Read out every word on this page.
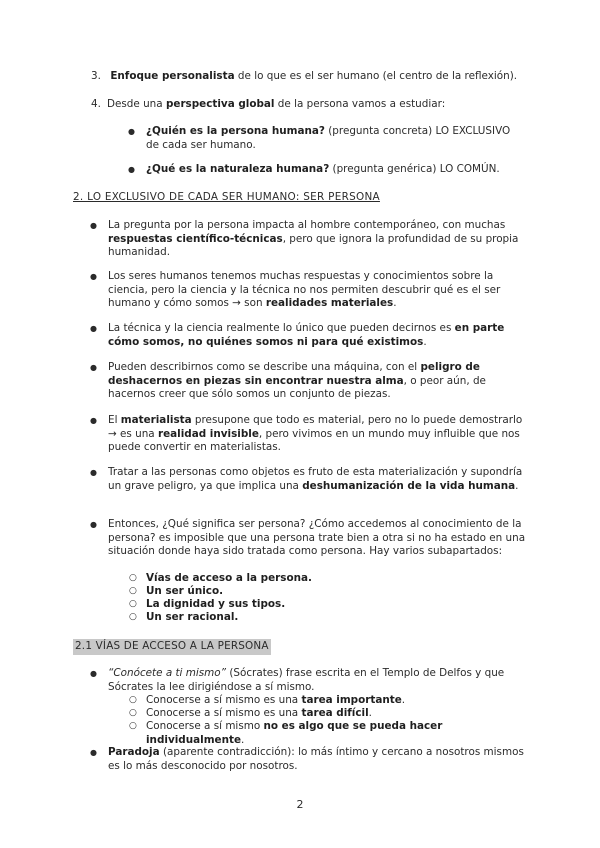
3. Enfoque personalista de lo que es el ser humano (el centro de la reflexión).
4. Desde una perspectiva global de la persona vamos a estudiar:
● ¿Quién es la persona humana? (pregunta concreta) LO EXCLUSIVO de cada ser humano.
● ¿Qué es la naturaleza humana? (pregunta genérica) LO COMÚN.
2. LO EXCLUSIVO DE CADA SER HUMANO: SER PERSONA
● La pregunta por la persona impacta al hombre contemporáneo, con muchas respuestas científico-técnicas, pero que ignora la profundidad de su propia humanidad.
● Los seres humanos tenemos muchas respuestas y conocimientos sobre la ciencia, pero la ciencia y la técnica no nos permiten descubrir qué es el ser humano y cómo somos → son realidades materiales.
● La técnica y la ciencia realmente lo único que pueden decirnos es en parte cómo somos, no quiénes somos ni para qué existimos.
● Pueden describirnos como se describe una máquina, con el peligro de deshacernos en piezas sin encontrar nuestra alma, o peor aún, de hacernos creer que sólo somos un conjunto de piezas.
● El materialista presupone que todo es material, pero no lo puede demostrarlo → es una realidad invisible, pero vivimos en un mundo muy influible que nos puede convertir en materialistas.
● Tratar a las personas como objetos es fruto de esta materialización y supondría un grave peligro, ya que implica una deshumanización de la vida humana.
● Entonces, ¿Qué significa ser persona? ¿Cómo accedemos al conocimiento de la persona? es imposible que una persona trate bien a otra si no ha estado en una situación donde haya sido tratada como persona. Hay varios subapartados:
○ Vías de acceso a la persona.
○ Un ser único.
○ La dignidad y sus tipos.
○ Un ser racional.
2.1 VÍAS DE ACCESO A LA PERSONA
● “Conócete a ti mismo” (Sócrates) frase escrita en el Templo de Delfos y que Sócrates la lee dirigiéndose a sí mismo.
○ Conocerse a sí mismo es una tarea importante.
○ Conocerse a sí mismo es una tarea difícil.
○ Conocerse a sí mismo no es algo que se pueda hacer individualmente.
● Paradoja (aparente contradicción): lo más íntimo y cercano a nosotros mismos es lo más desconocido por nosotros.
2
